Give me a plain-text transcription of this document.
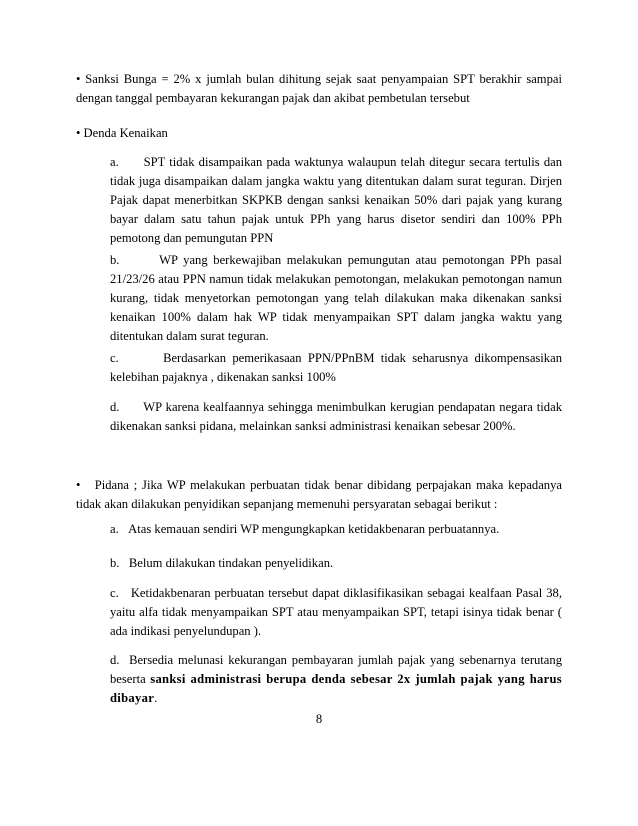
• Sanksi Bunga = 2% x jumlah bulan dihitung sejak saat penyampaian SPT berakhir sampai dengan tanggal pembayaran kekurangan pajak dan akibat pembetulan tersebut

• Denda Kenaikan

a.      SPT tidak disampaikan pada waktunya walaupun telah ditegur secara tertulis dan tidak juga disampaikan dalam jangka waktu yang ditentukan dalam surat teguran. Dirjen Pajak dapat menerbitkan SKPKB dengan sanksi kenaikan 50% dari pajak yang kurang bayar dalam satu tahun pajak untuk PPh yang harus disetor sendiri dan 100% PPh pemotong dan pemungutan PPN

b.       WP yang berkewajiban melakukan pemungutan atau pemotongan PPh pasal 21/23/26 atau PPN namun tidak melakukan pemotongan, melakukan pemotongan namun kurang, tidak menyetorkan pemotongan yang telah dilakukan maka dikenakan sanksi kenaikan 100% dalam hak WP tidak menyampaikan SPT dalam jangka waktu yang ditentukan dalam surat teguran.

c.       Berdasarkan pemerikasaan PPN/PPnBM tidak seharusnya dikompensasikan kelebihan pajaknya , dikenakan sanksi 100%

d.      WP karena kealfaannya sehingga menimbulkan kerugian pendapatan negara tidak dikenakan sanksi pidana, melainkan sanksi administrasi kenaikan sebesar 200%.

•   Pidana ; Jika WP melakukan perbuatan tidak benar dibidang perpajakan maka kepadanya tidak akan dilakukan penyidikan sepanjang memenuhi persyaratan sebagai berikut :

a.   Atas kemauan sendiri WP mengungkapkan ketidakbenaran perbuatannya.

b.   Belum dilakukan tindakan penyelidikan.

c.   Ketidakbenaran perbuatan tersebut dapat diklasifikasikan sebagai kealfaan Pasal 38, yaitu alfa tidak menyampaikan SPT atau menyampaikan SPT, tetapi isinya tidak benar ( ada indikasi penyelundupan ).

d.  Bersedia melunasi kekurangan pembayaran jumlah pajak yang sebenarnya terutang beserta sanksi administrasi berupa denda sebesar 2x jumlah pajak yang harus dibayar.

8
